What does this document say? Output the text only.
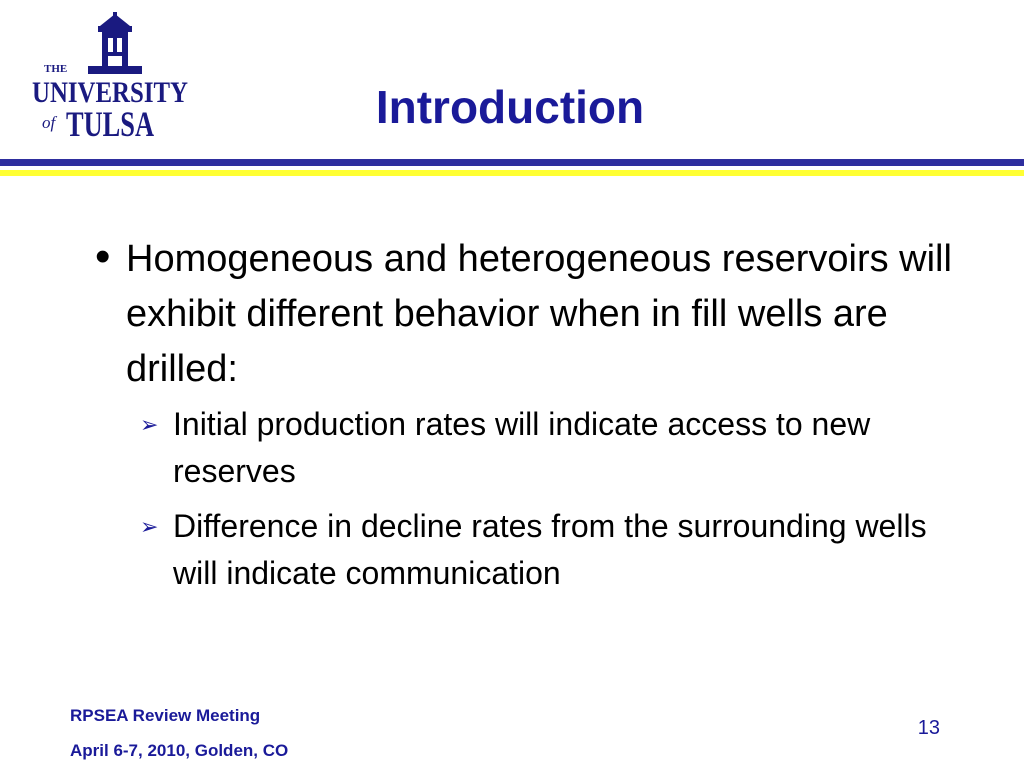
THE
UNIVERSITY
of TULSA	Introduction
• Homogeneous and heterogeneous reservoirs will exhibit different behavior when in fill wells are drilled:
➢ Initial production rates will indicate access to new reserves
➢ Difference in decline rates from the surrounding wells will indicate communication
RPSEA Review Meeting
April 6-7, 2010, Golden, CO
13
